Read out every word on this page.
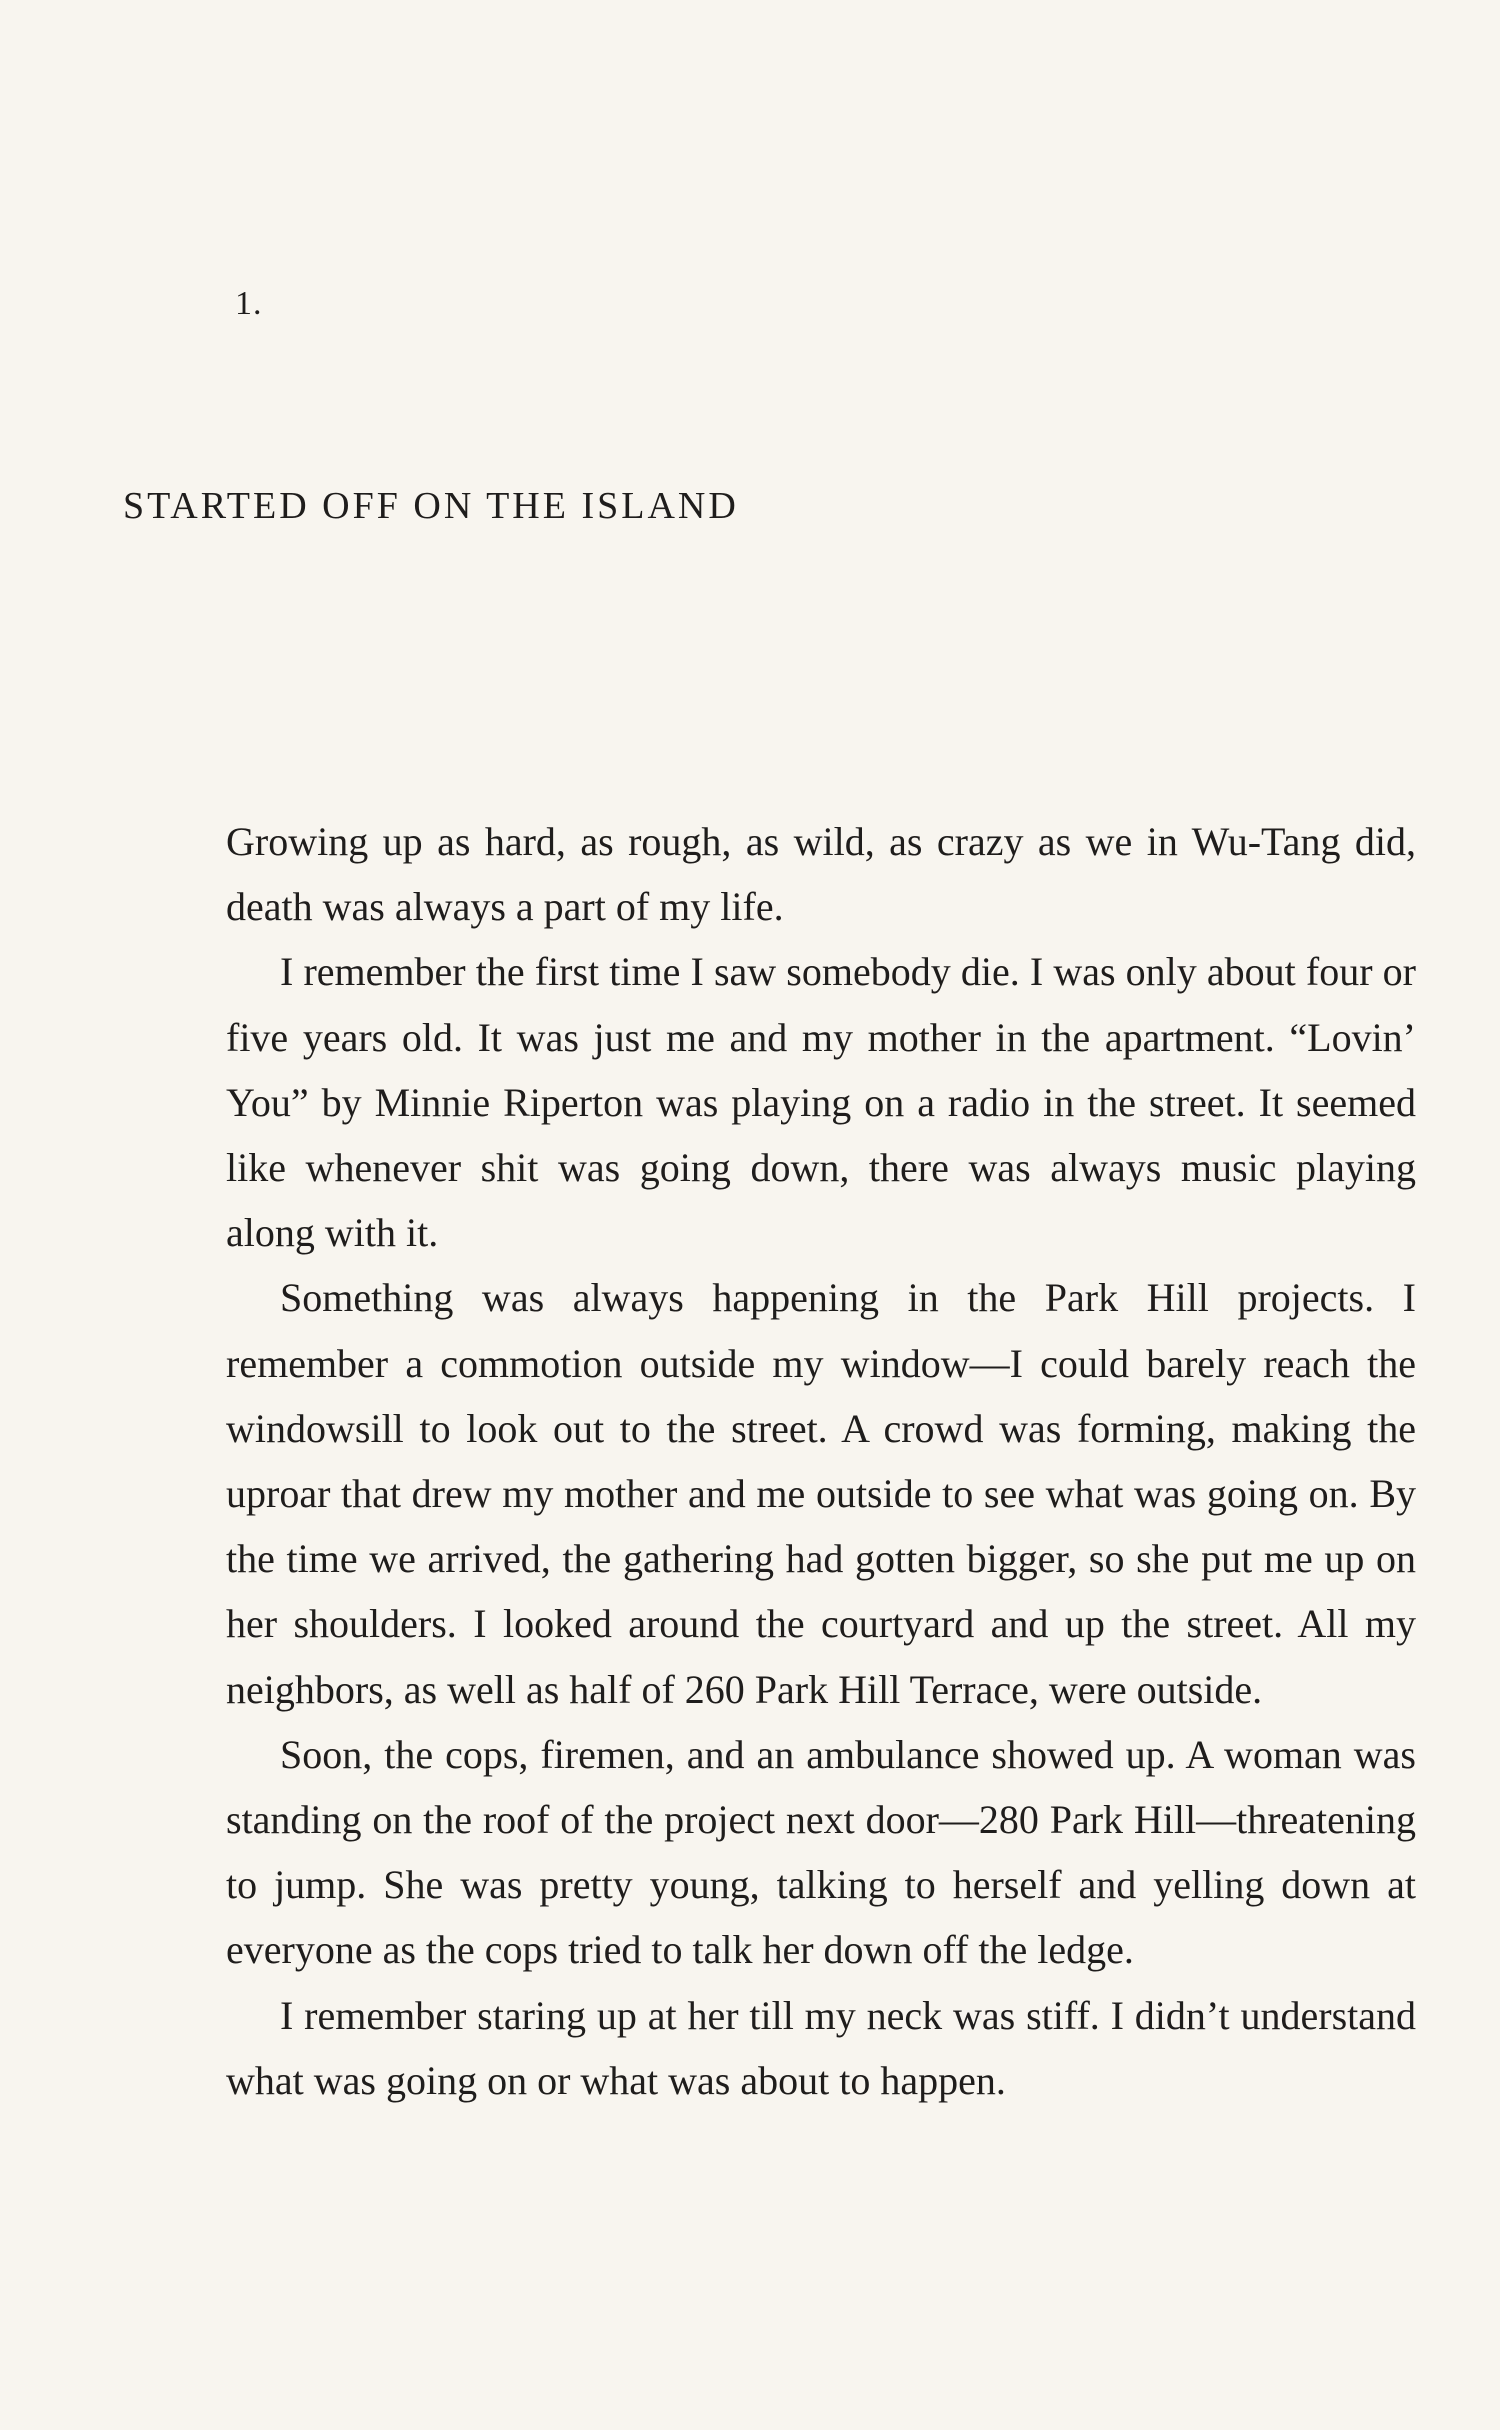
1.
STARTED OFF ON THE ISLAND

Growing up as hard, as rough, as wild, as crazy as we in Wu-Tang did, death was always a part of my life.

I remember the first time I saw somebody die. I was only about four or five years old. It was just me and my mother in the apartment. “Lovin’ You” by Minnie Riperton was playing on a radio in the street. It seemed like whenever shit was going down, there was always music playing along with it.

Something was always happening in the Park Hill projects. I remember a commotion outside my window—I could barely reach the windowsill to look out to the street. A crowd was forming, making the uproar that drew my mother and me outside to see what was going on. By the time we arrived, the gathering had gotten bigger, so she put me up on her shoulders. I looked around the courtyard and up the street. All my neighbors, as well as half of 260 Park Hill Terrace, were outside.

Soon, the cops, firemen, and an ambulance showed up. A woman was standing on the roof of the project next door—280 Park Hill—threatening to jump. She was pretty young, talking to herself and yelling down at everyone as the cops tried to talk her down off the ledge.

I remember staring up at her till my neck was stiff. I didn’t understand what was going on or what was about to happen.
